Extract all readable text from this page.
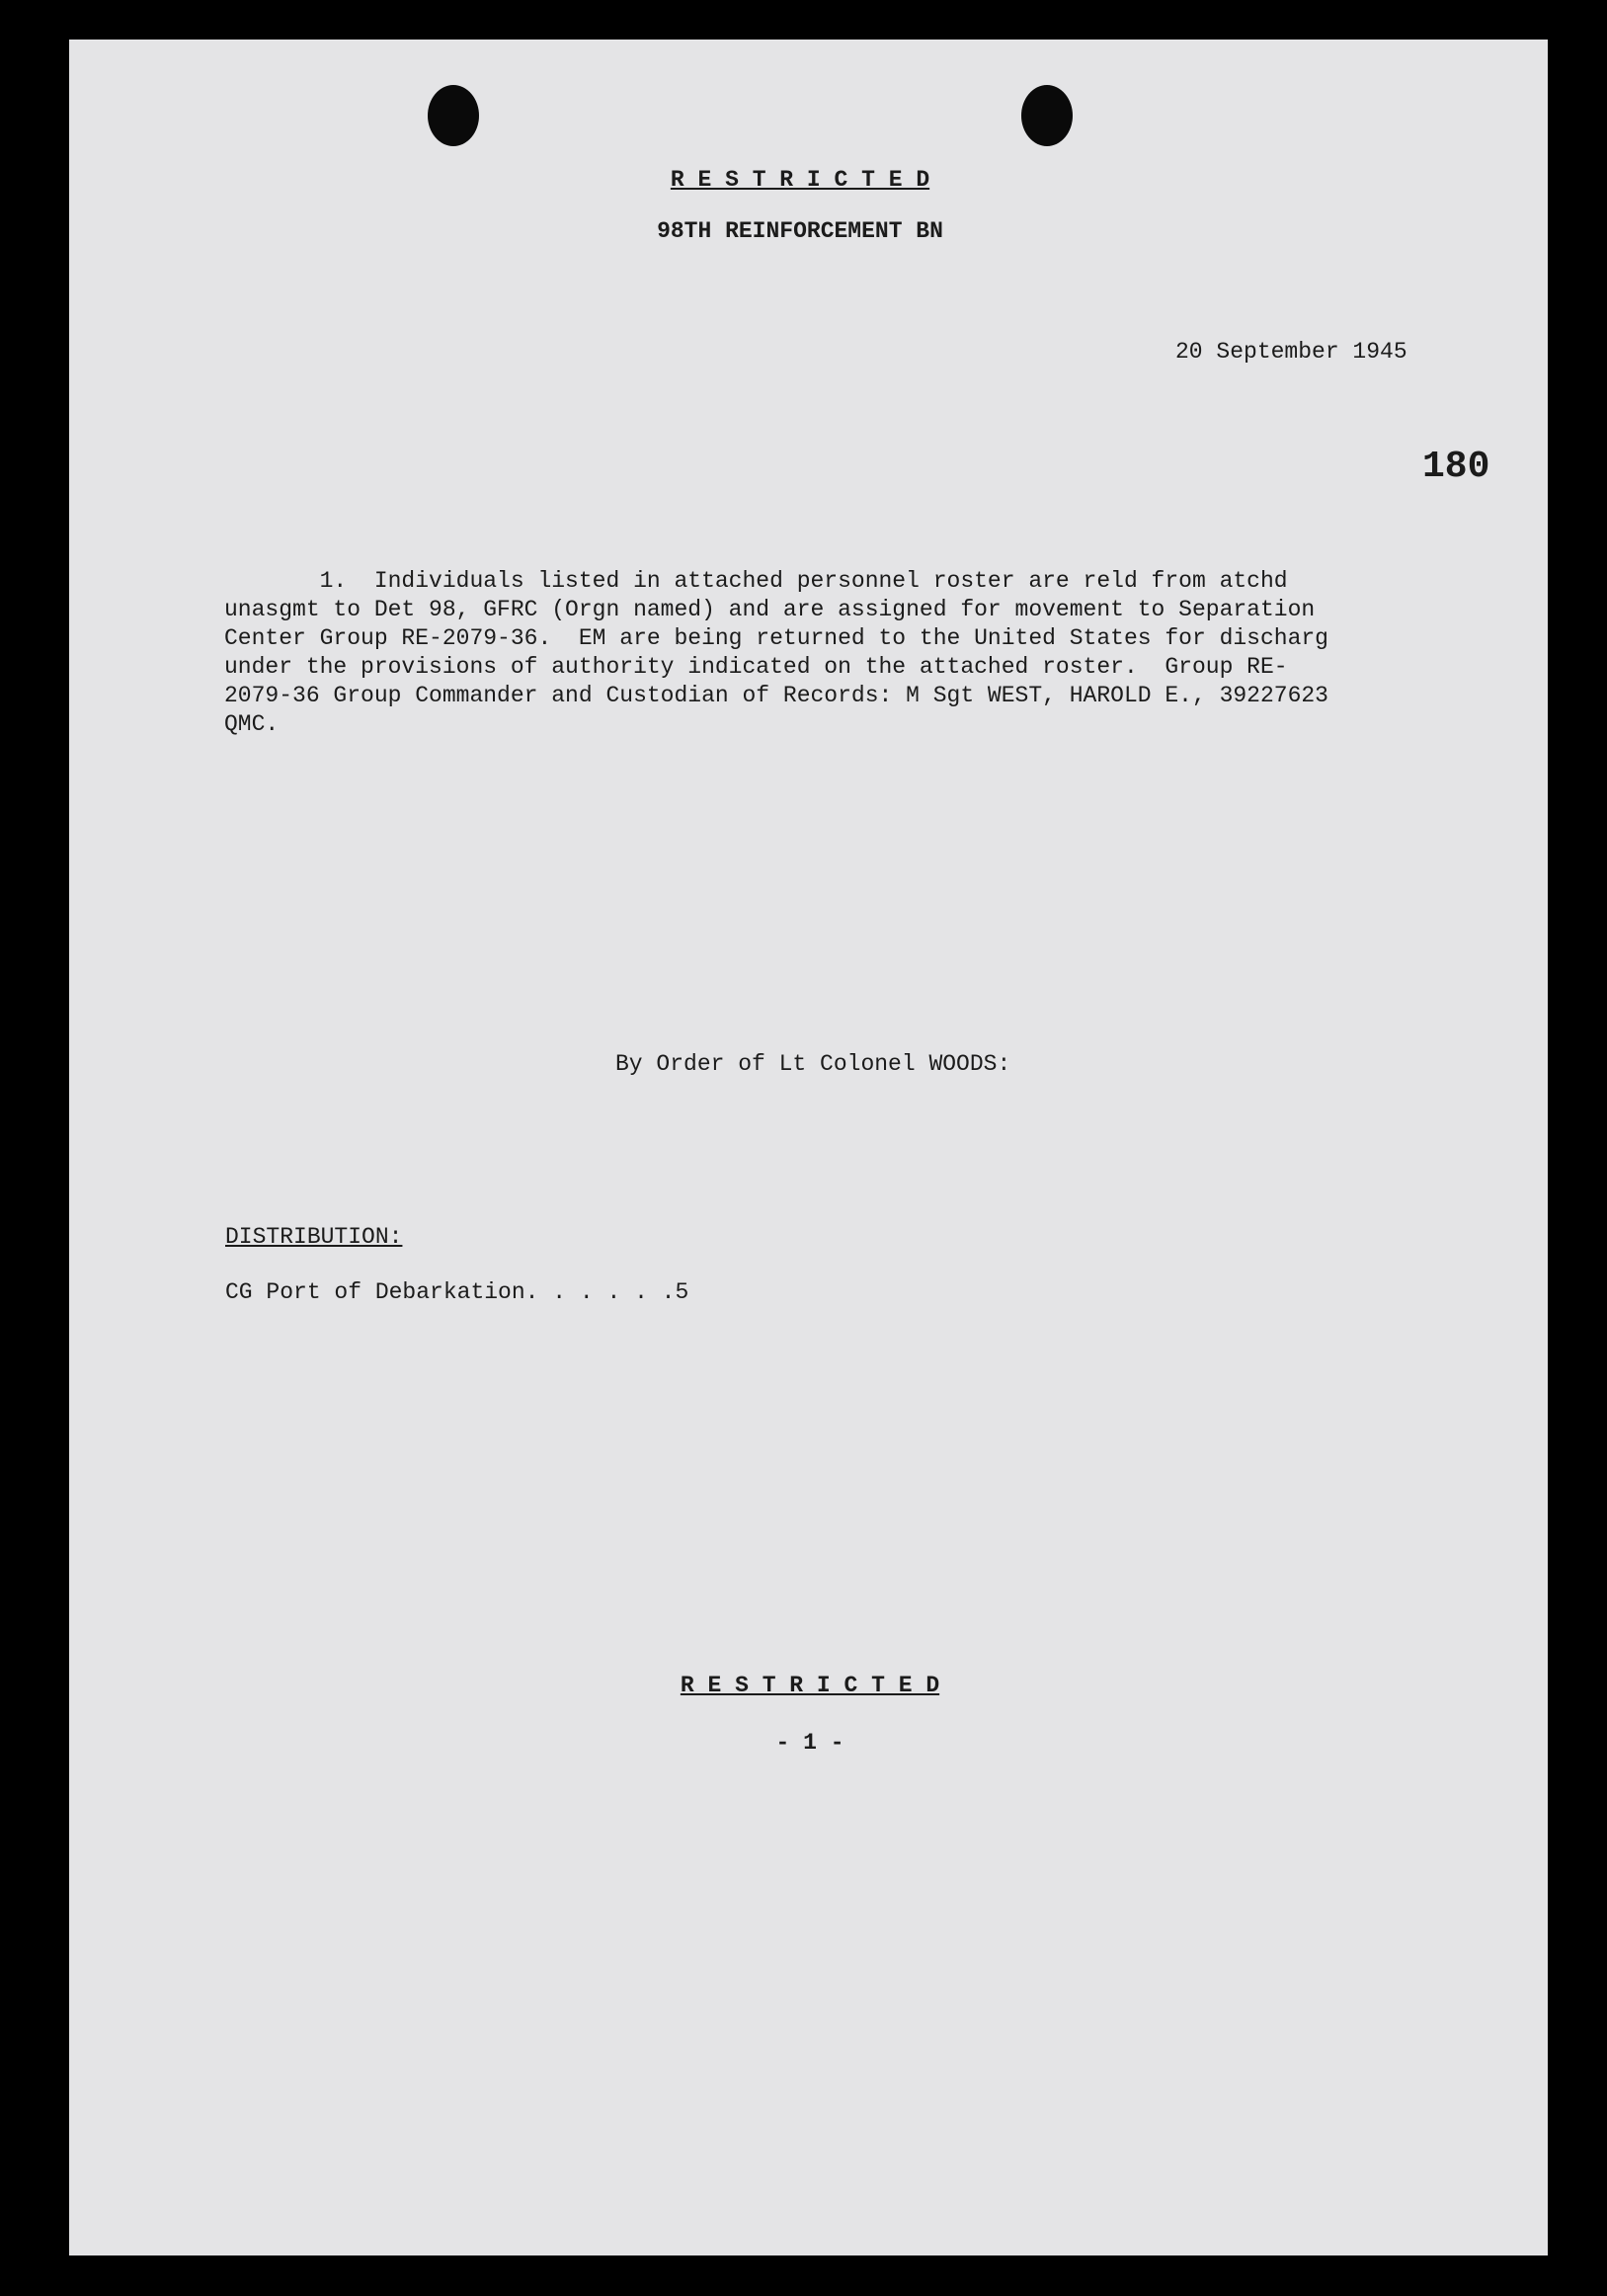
R E S T R I C T E D
98TH REINFORCEMENT BN
20 September 1945
180
1.  Individuals listed in attached personnel roster are reld from atchd
unasgmt to Det 98, GFRC (Orgn named) and are assigned for movement to Separation
Center Group RE-2079-36.  EM are being returned to the United States for discharg
under the provisions of authority indicated on the attached roster.  Group RE-
2079-36 Group Commander and Custodian of Records: M Sgt WEST, HAROLD E., 39227623
QMC.
By Order of Lt Colonel WOODS:
DISTRIBUTION:
CG Port of Debarkation. . . . . .5
R E S T R I C T E D
- 1 -
